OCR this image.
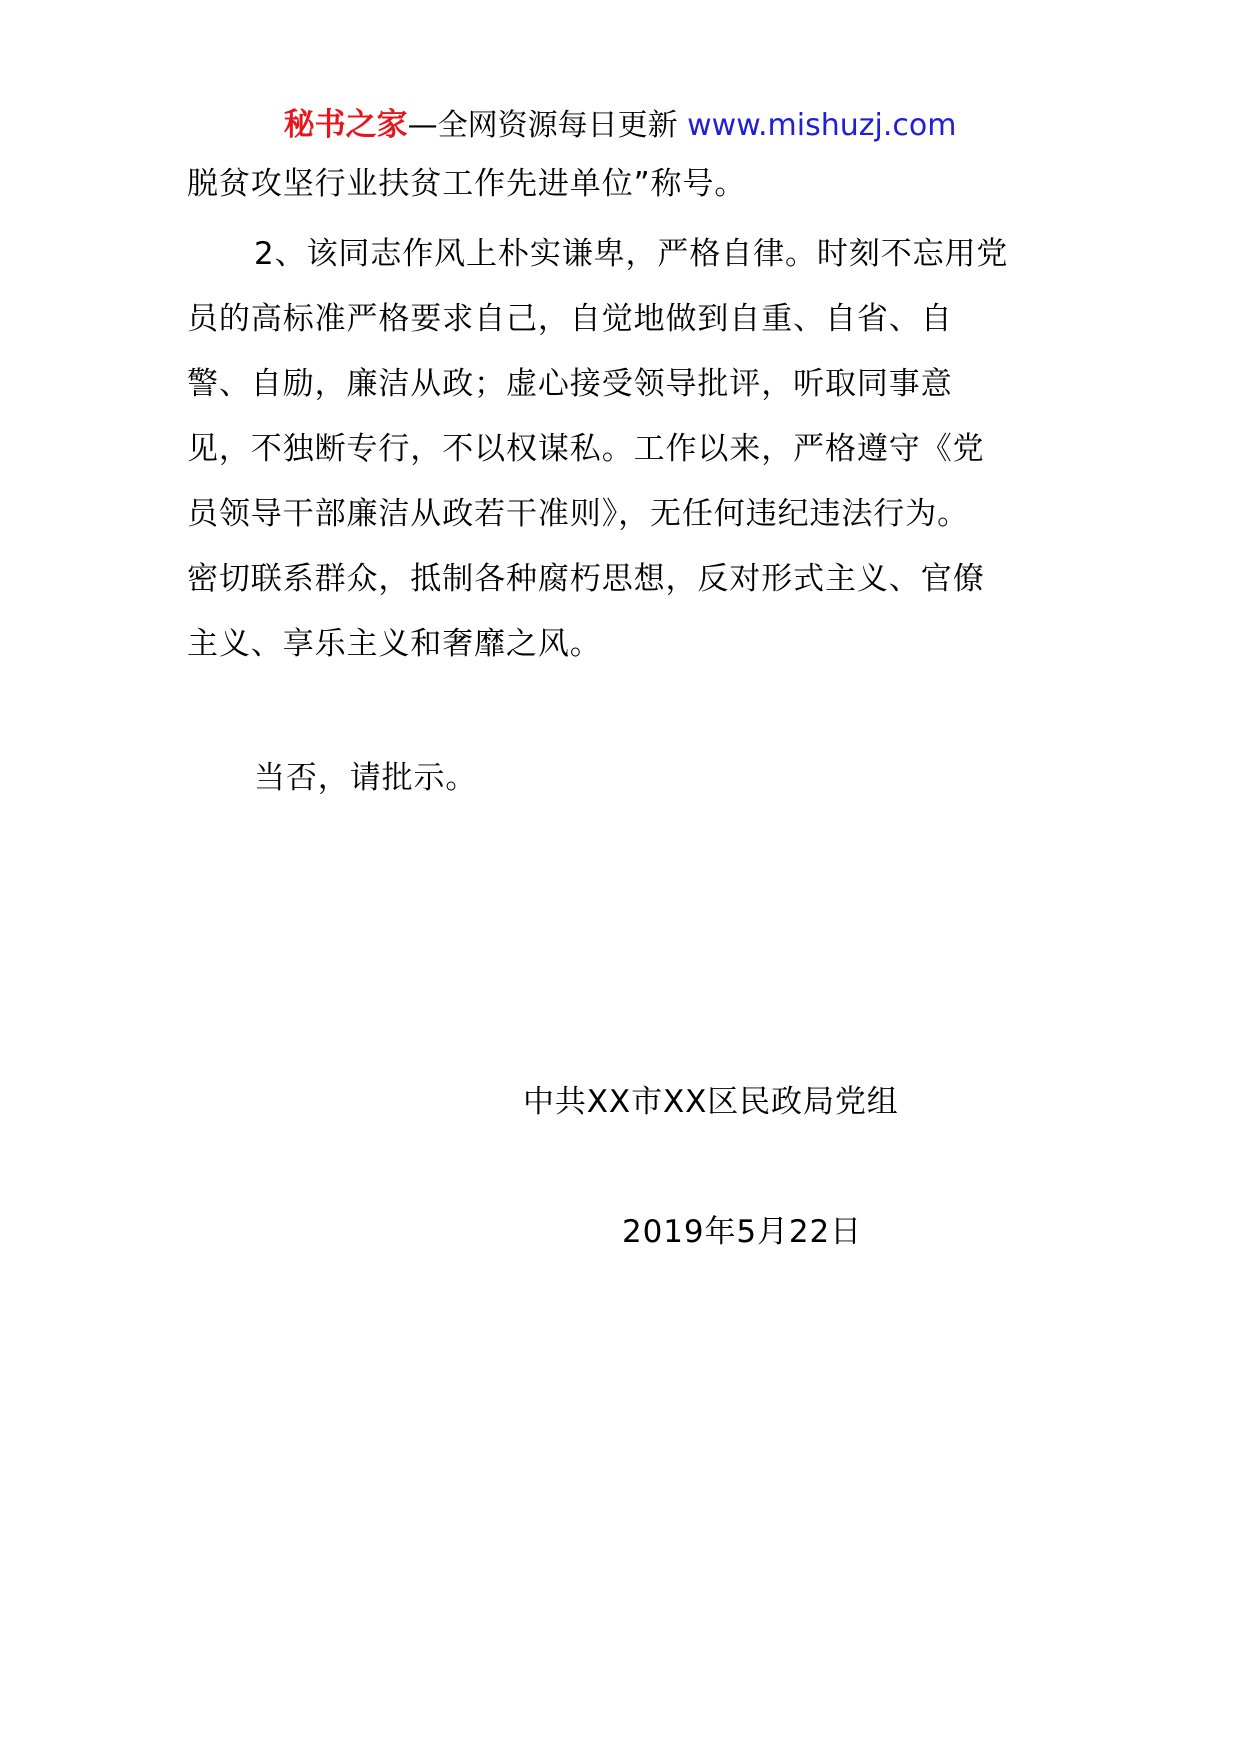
秘书之家—全网资源每日更新 www.mishuzj.com
脱贫攻坚行业扶贫工作先进单位”称号。
2、该同志作风上朴实谦卑，严格自律。时刻不忘用党
员的高标准严格要求自己，自觉地做到自重、自省、自
警、自励，廉洁从政；虚心接受领导批评，听取同事意
见，不独断专行，不以权谋私。工作以来，严格遵守《党
员领导干部廉洁从政若干准则》，无任何违纪违法行为。
密切联系群众，抵制各种腐朽思想，反对形式主义、官僚
主义、享乐主义和奢靡之风。
当否，请批示。
中共XX市XX区民政局党组
2019年5月22日
